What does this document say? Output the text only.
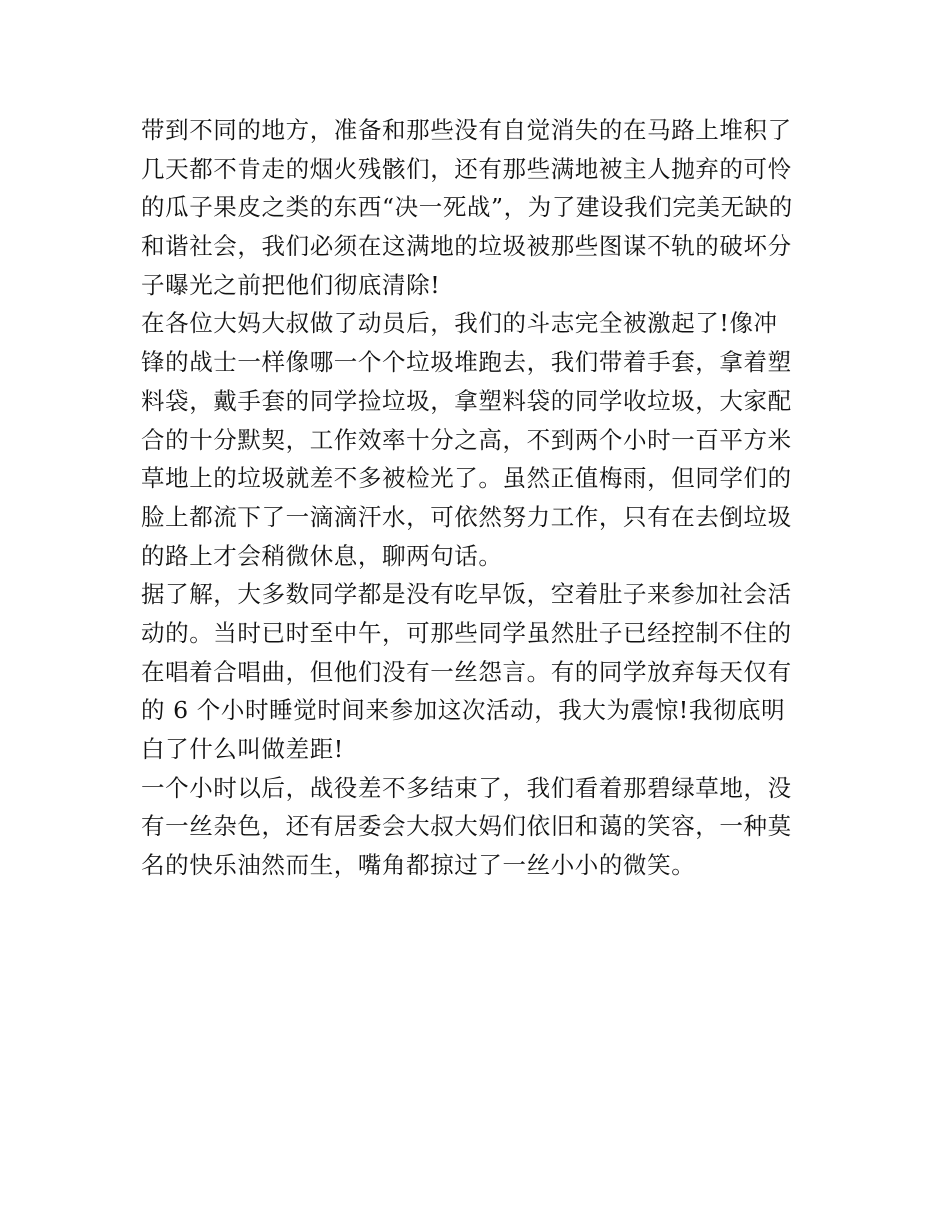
带到不同的地方，准备和那些没有自觉消失的在马路上堆积了
几天都不肯走的烟火残骸们，还有那些满地被主人抛弃的可怜
的瓜子果皮之类的东西“决一死战”，为了建设我们完美无缺的
和谐社会，我们必须在这满地的垃圾被那些图谋不轨的破坏分
子曝光之前把他们彻底清除!
在各位大妈大叔做了动员后，我们的斗志完全被激起了!像冲
锋的战士一样像哪一个个垃圾堆跑去，我们带着手套，拿着塑
料袋，戴手套的同学捡垃圾，拿塑料袋的同学收垃圾，大家配
合的十分默契，工作效率十分之高，不到两个小时一百平方米
草地上的垃圾就差不多被检光了。虽然正值梅雨，但同学们的
脸上都流下了一滴滴汗水，可依然努力工作，只有在去倒垃圾
的路上才会稍微休息，聊两句话。
据了解，大多数同学都是没有吃早饭，空着肚子来参加社会活
动的。当时已时至中午，可那些同学虽然肚子已经控制不住的
在唱着合唱曲，但他们没有一丝怨言。有的同学放弃每天仅有
的 6 个小时睡觉时间来参加这次活动，我大为震惊!我彻底明
白了什么叫做差距!
一个小时以后，战役差不多结束了，我们看着那碧绿草地，没
有一丝杂色，还有居委会大叔大妈们依旧和蔼的笑容，一种莫
名的快乐油然而生，嘴角都掠过了一丝小小的微笑。
